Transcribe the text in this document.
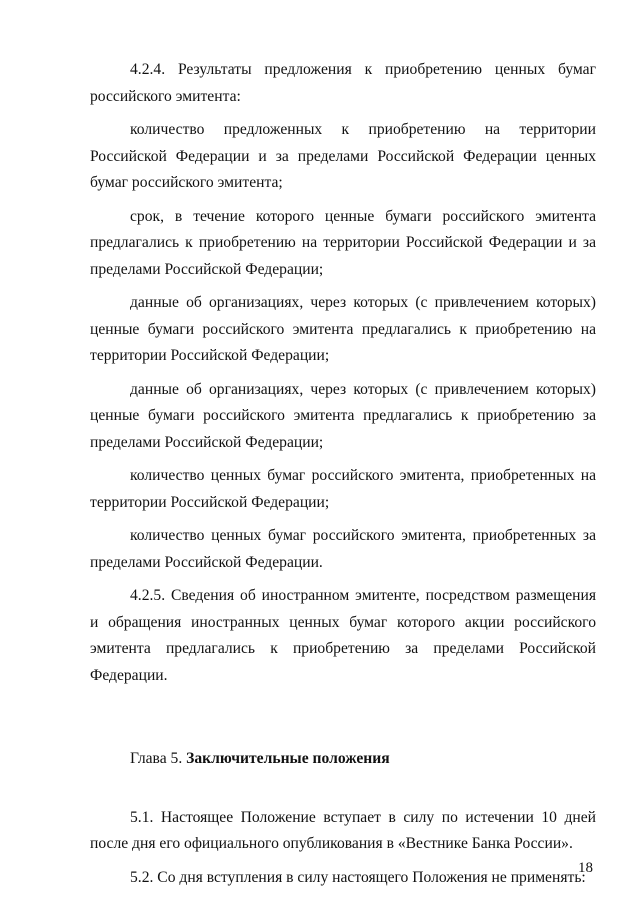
4.2.4. Результаты предложения к приобретению ценных бумаг российского эмитента:

количество предложенных к приобретению на территории Российской Федерации и за пределами Российской Федерации ценных бумаг российского эмитента;

срок, в течение которого ценные бумаги российского эмитента предлагались к приобретению на территории Российской Федерации и за пределами Российской Федерации;

данные об организациях, через которых (с привлечением которых) ценные бумаги российского эмитента предлагались к приобретению на территории Российской Федерации;

данные об организациях, через которых (с привлечением которых) ценные бумаги российского эмитента предлагались к приобретению за пределами Российской Федерации;

количество ценных бумаг российского эмитента, приобретенных на территории Российской Федерации;

количество ценных бумаг российского эмитента, приобретенных за пределами Российской Федерации.

4.2.5. Сведения об иностранном эмитенте, посредством размещения и обращения иностранных ценных бумаг которого акции российского эмитента предлагались к приобретению за пределами Российской Федерации.

Глава 5. Заключительные положения

5.1. Настоящее Положение вступает в силу по истечении 10 дней после дня его официального опубликования в «Вестнике Банка России».

5.2. Со дня вступления в силу настоящего Положения не применять:

18
